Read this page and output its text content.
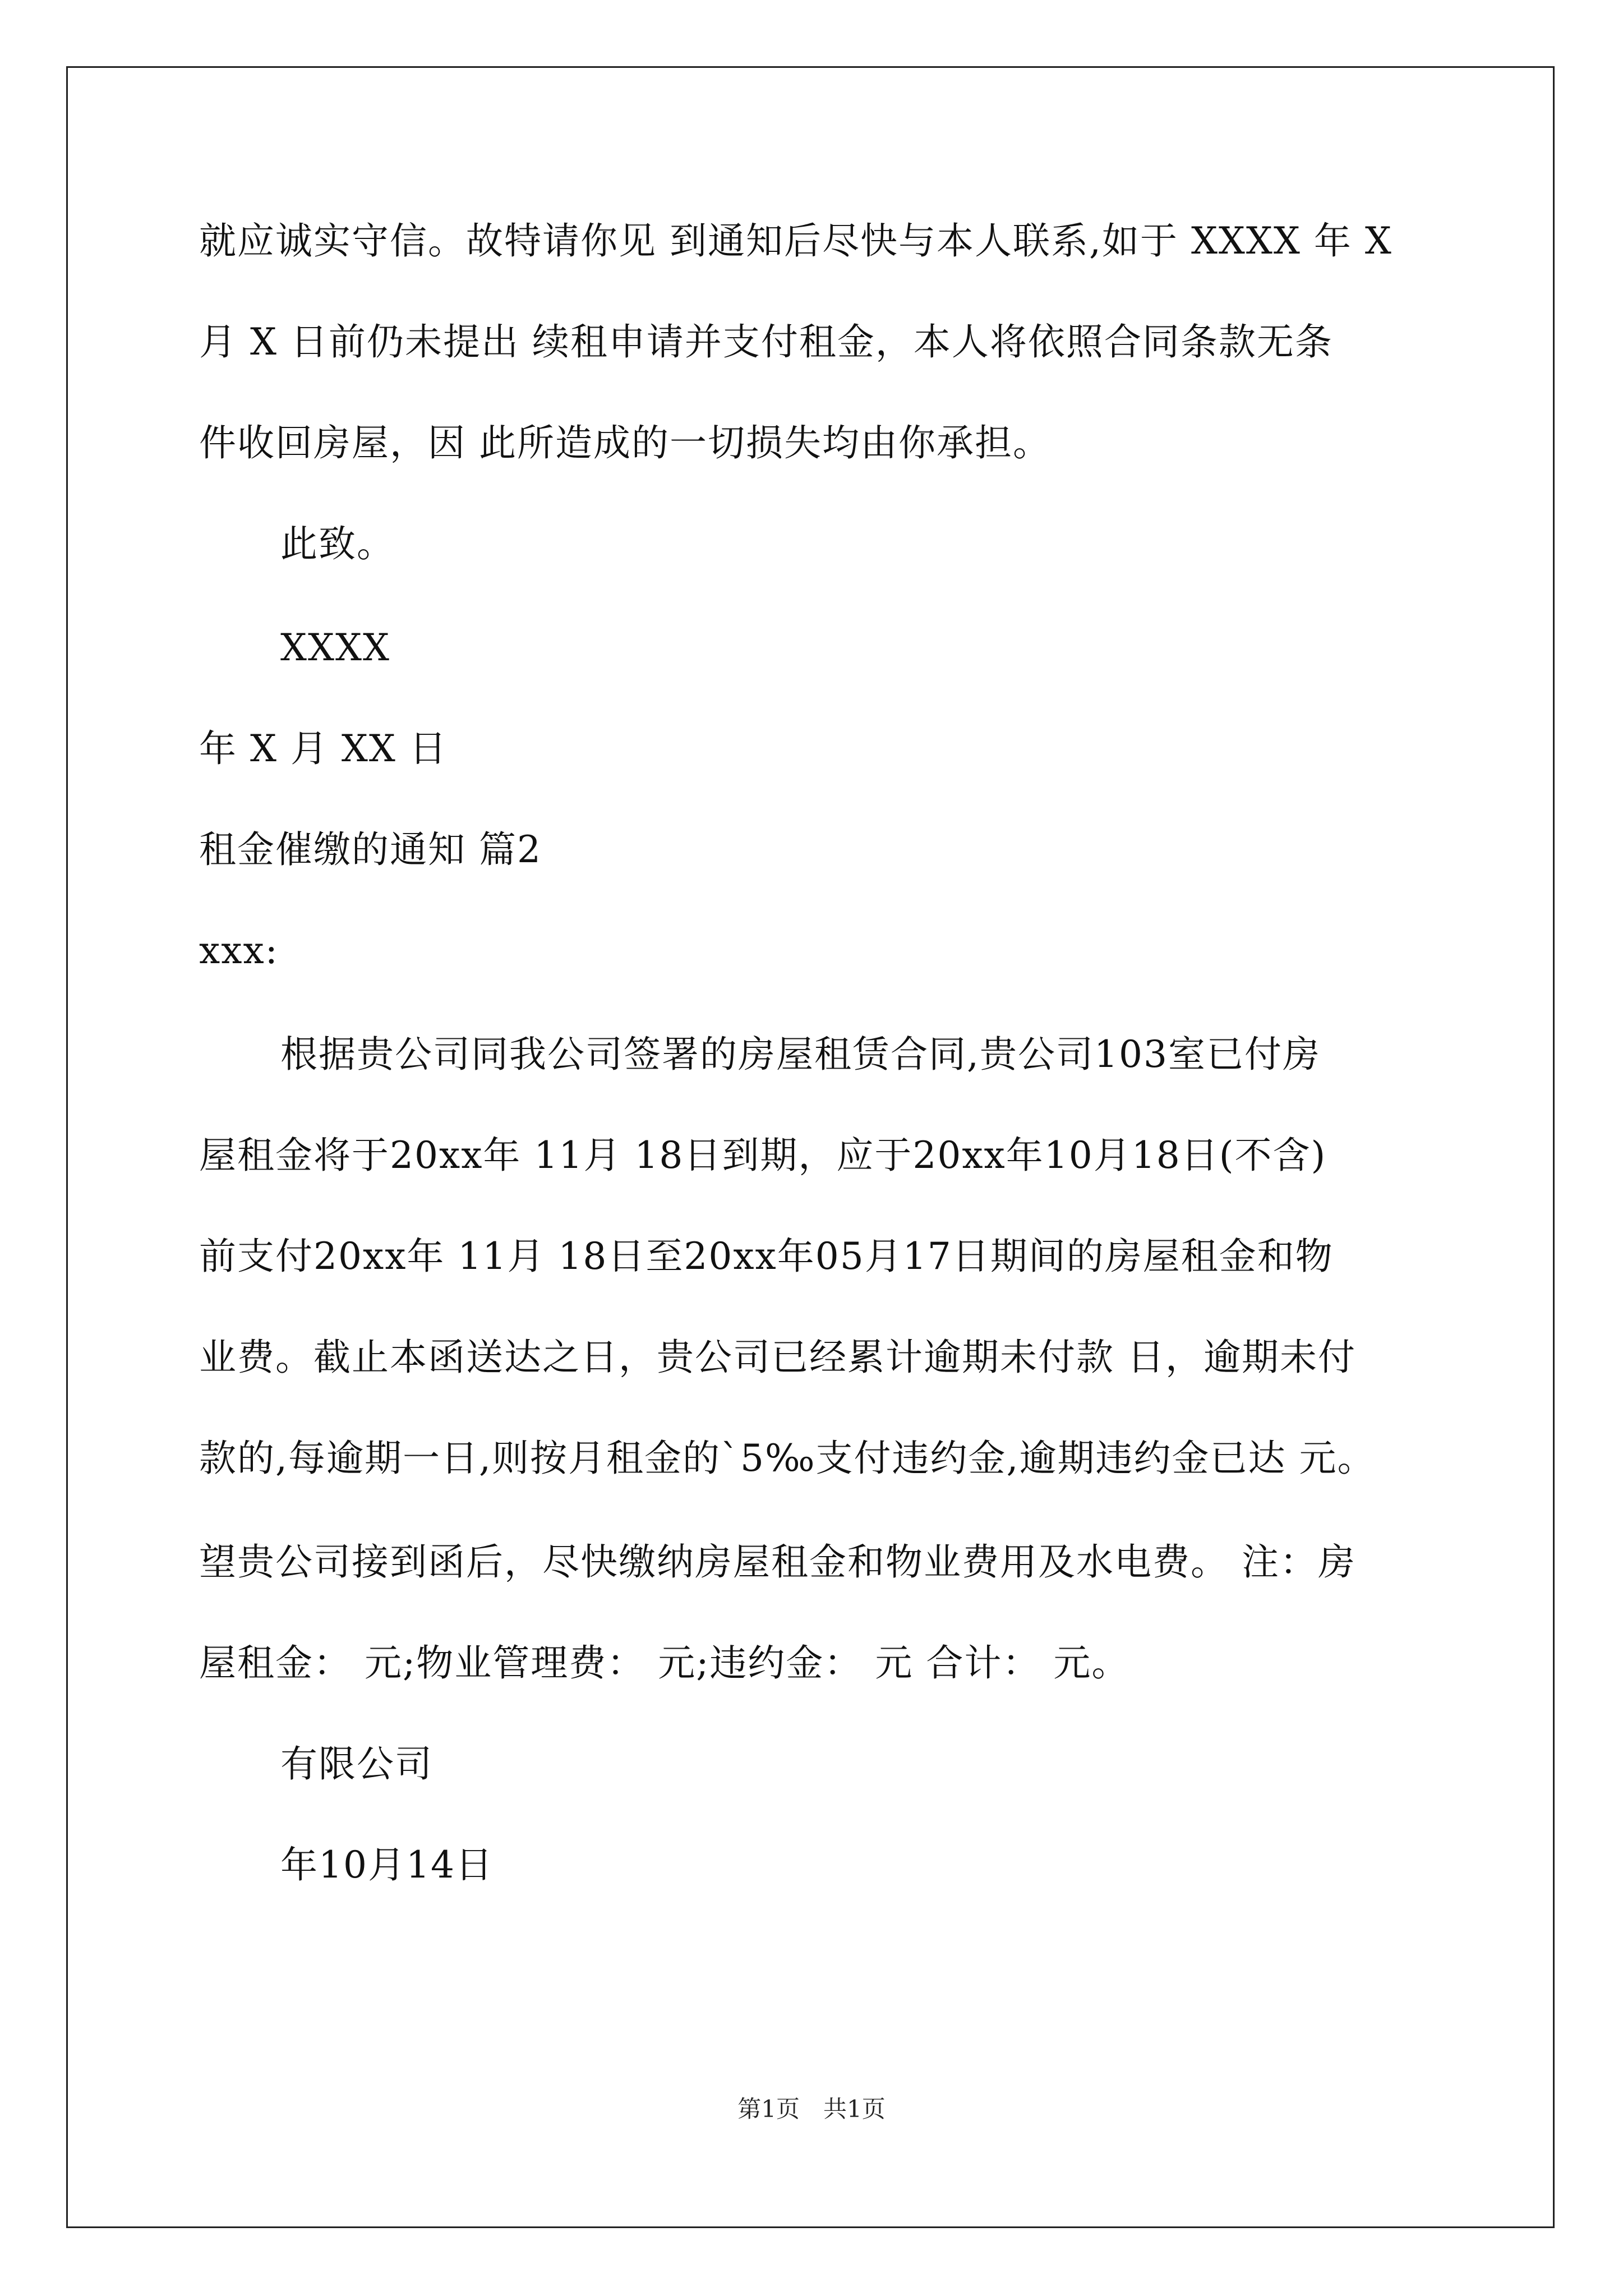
就应诚实守信。故特请你见 到通知后尽快与本人联系,如于 XXXX 年 X
月 X 日前仍未提出 续租申请并支付租金，本人将依照合同条款无条
件收回房屋，因 此所造成的一切损失均由你承担。
此致。
XXXX
年 X 月 XX 日
租金催缴的通知 篇2
xxx:
根据贵公司同我公司签署的房屋租赁合同,贵公司103室已付房
屋租金将于20xx年 11月 18日到期，应于20xx年10月18日(不含)
前支付20xx年 11月 18日至20xx年05月17日期间的房屋租金和物
业费。截止本函送达之日，贵公司已经累计逾期未付款 日，逾期未付
款的,每逾期一日,则按月租金的`5‰支付违约金,逾期违约金已达 元。
望贵公司接到函后，尽快缴纳房屋租金和物业费用及水电费。 注：房
屋租金： 元;物业管理费： 元;违约金： 元 合计： 元。
有限公司
年10月14日
第1页　共1页
